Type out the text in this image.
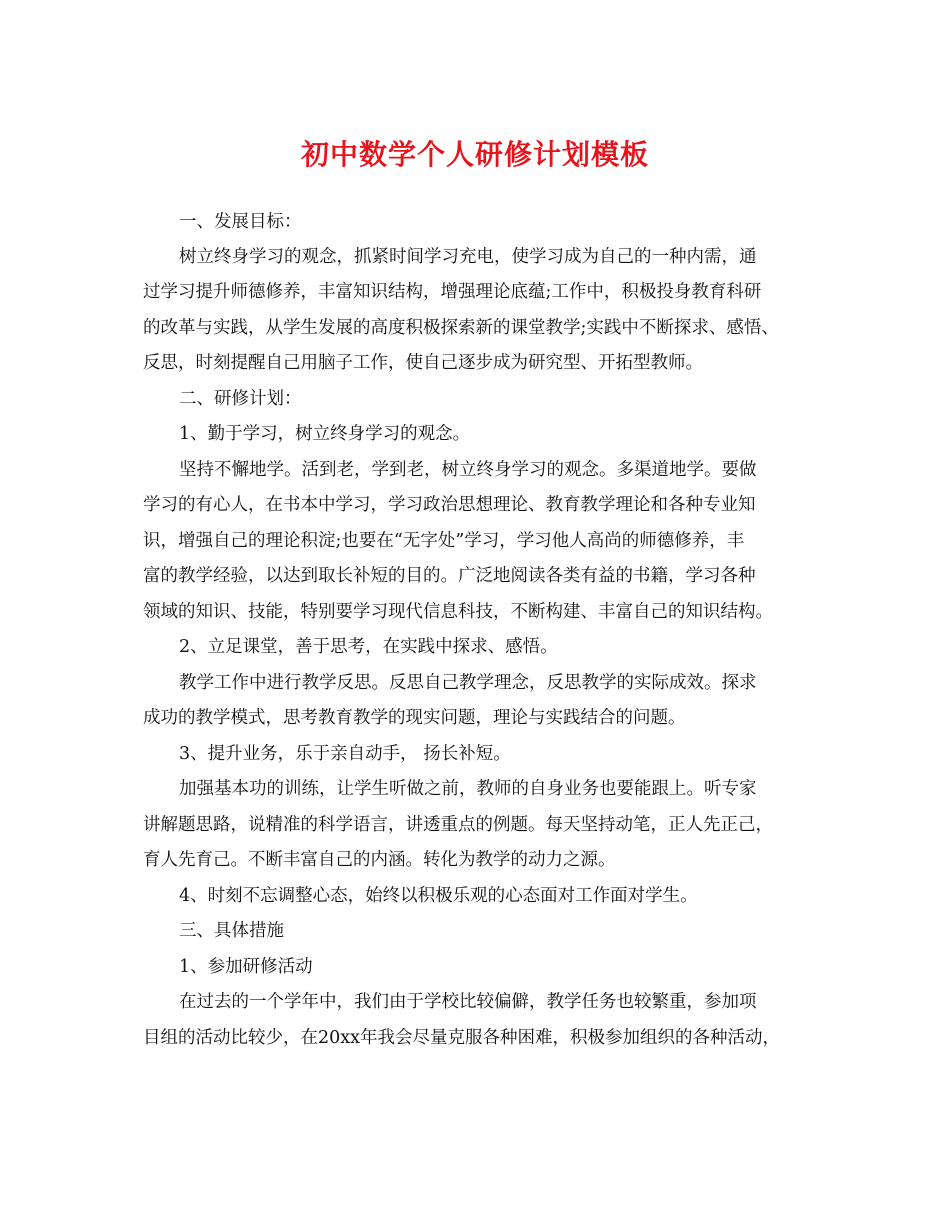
初中数学个人研修计划模板

一、发展目标：

树立终身学习的观念，抓紧时间学习充电，使学习成为自己的一种内需，通

过学习提升师德修养，丰富知识结构，增强理论底蕴;工作中，积极投身教育科研

的改革与实践，从学生发展的高度积极探索新的课堂教学;实践中不断探求、感悟、

反思，时刻提醒自己用脑子工作，使自己逐步成为研究型、开拓型教师。

二、研修计划：

1、勤于学习，树立终身学习的观念。

坚持不懈地学。活到老，学到老，树立终身学习的观念。多渠道地学。要做

学习的有心人，在书本中学习，学习政治思想理论、教育教学理论和各种专业知

识，增强自己的理论积淀;也要在“无字处”学习，学习他人高尚的师德修养，丰

富的教学经验，以达到取长补短的目的。广泛地阅读各类有益的书籍，学习各种

领域的知识、技能，特别要学习现代信息科技，不断构建、丰富自己的知识结构。

2、立足课堂，善于思考，在实践中探求、感悟。

教学工作中进行教学反思。反思自己教学理念，反思教学的实际成效。探求

成功的教学模式，思考教育教学的现实问题，理论与实践结合的问题。

3、提升业务，乐于亲自动手， 扬长补短。

加强基本功的训练，让学生听做之前，教师的自身业务也要能跟上。听专家

讲解题思路，说精准的科学语言，讲透重点的例题。每天坚持动笔，正人先正己，

育人先育己。不断丰富自己的内涵。转化为教学的动力之源。

4、时刻不忘调整心态，始终以积极乐观的心态面对工作面对学生。

三、具体措施

1、参加研修活动

在过去的一个学年中，我们由于学校比较偏僻，教学任务也较繁重，参加项

目组的活动比较少，在20xx年我会尽量克服各种困难，积极参加组织的各种活动，
